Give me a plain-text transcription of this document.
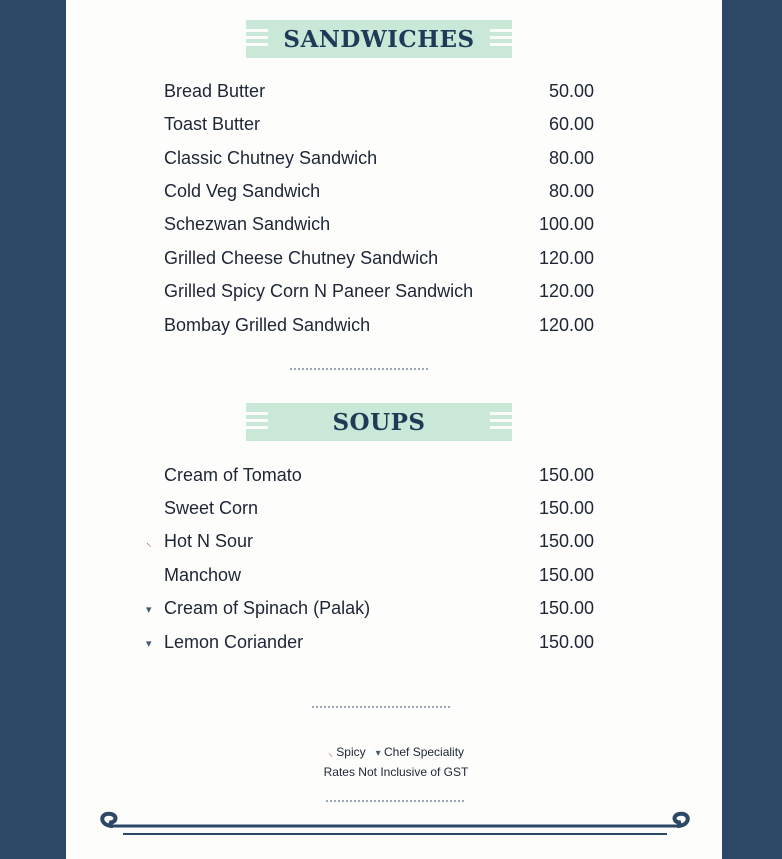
SANDWICHES
Bread Butter	50.00
Toast Butter	60.00
Classic Chutney Sandwich	80.00
Cold Veg Sandwich	80.00
Schezwan Sandwich	100.00
Grilled Cheese Chutney Sandwich	120.00
Grilled Spicy Corn N Paneer Sandwich	120.00
Bombay Grilled Sandwich	120.00
SOUPS
Cream of Tomato	150.00
Sweet Corn	150.00
⸜ Hot N Sour	150.00
Manchow	150.00
▾ Cream of Spinach (Palak)	150.00
▾ Lemon Coriander	150.00
⸜ Spicy ▾ Chef Speciality
Rates Not Inclusive of GST
